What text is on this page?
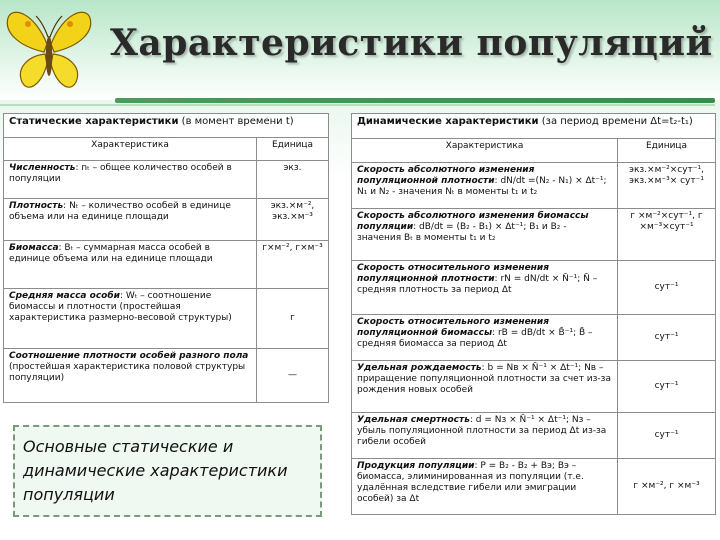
Характеристики популяций
Статические характеристики (в момент времени t)	
Характеристика	Единица
Численность: nₜ – общее количество особей в популяции	экз.
Плотность: Nₜ – количество особей в единице объема или на единице площади	экз.×м⁻², экз.×м⁻³
Биомасса: Bₜ – суммарная масса особей в единице объема или на единице площади	г×м⁻², г×м⁻³
Средняя масса особи: Wₜ – соотношение биомассы и плотности (простейшая характеристика размерно-весовой структуры)	г
Соотношение плотности особей разного пола (простейшая характеристика половой структуры популяции)	—
Динамические характеристики (за период времени Δt=t₂-t₁)	
Характеристика	Единица
Скорость абсолютного изменения популяционной плотности: dN/dt =(N₂ - N₁) × Δt⁻¹; N₁ и N₂ - значения Nₜ в моменты t₁ и t₂	экз.×м⁻²×сут⁻¹, экз.×м⁻³× сут⁻¹
Скорость абсолютного изменения биомассы популяции: dB/dt = (B₂ - B₁) × Δt⁻¹; B₁ и B₂ - значения Bₜ в моменты t₁ и t₂	г ×м⁻²×сут⁻¹, г ×м⁻³×сут⁻¹
Скорость относительного изменения популяционной плотности: rN = dN/dt × N̄⁻¹; N̄ – средняя плотность за период Δt	сут⁻¹
Скорость относительного изменения популяционной биомассы: rB = dB/dt × B̄⁻¹; B̄ – средняя биомасса за период Δt	сут⁻¹
Удельная рождаемость: b = Nв × N̄⁻¹ × Δt⁻¹; Nв – приращение популяционной плотности за счет из-за рождения новых особей	сут⁻¹
Удельная смертность: d = Nз × N̄⁻¹ × Δt⁻¹; Nз – убыль популяционной плотности за период Δt из-за гибели особей	сут⁻¹
Продукция популяции: P = B₂ - B₂ + Bэ; Bэ – биомасса, элиминированная из популяции (т.е. удалённая вследствие гибели или эмиграции особей) за Δt	г ×м⁻², г ×м⁻³
Основные статические и динамические характеристики популяции
